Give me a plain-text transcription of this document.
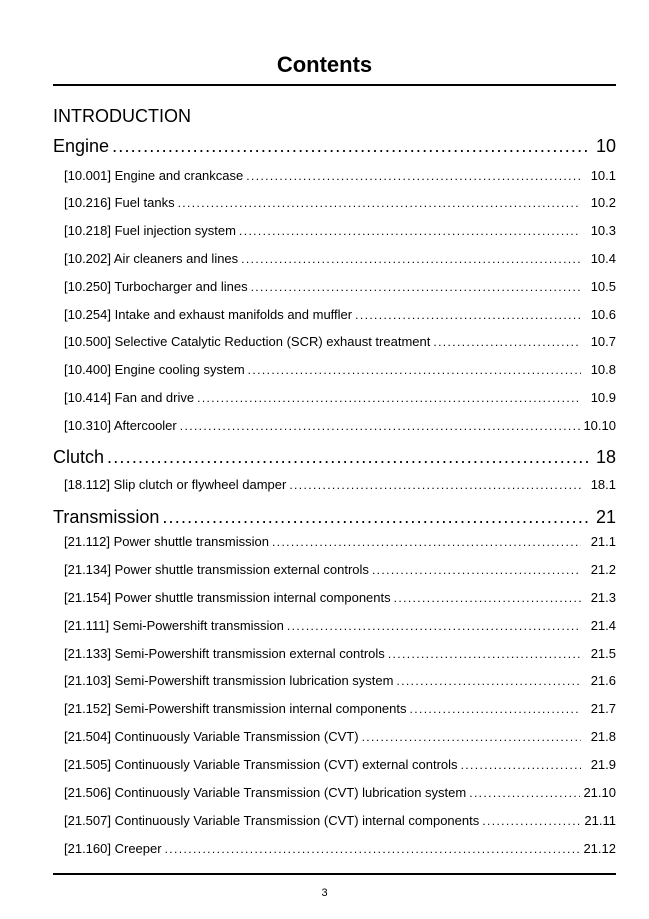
Contents
INTRODUCTION
Engine .....	10
[10.001] Engine and crankcase .....	10.1
[10.216] Fuel tanks .....	10.2
[10.218] Fuel injection system .....	10.3
[10.202] Air cleaners and lines .....	10.4
[10.250] Turbocharger and lines .....	10.5
[10.254] Intake and exhaust manifolds and muffler .....	10.6
[10.500] Selective Catalytic Reduction (SCR) exhaust treatment .....	10.7
[10.400] Engine cooling system .....	10.8
[10.414] Fan and drive .....	10.9
[10.310] Aftercooler .....	10.10
Clutch .....	18
[18.112] Slip clutch or flywheel damper .....	18.1
Transmission .....	21
[21.112] Power shuttle transmission .....	21.1
[21.134] Power shuttle transmission external controls .....	21.2
[21.154] Power shuttle transmission internal components .....	21.3
[21.111] Semi-Powershift transmission .....	21.4
[21.133] Semi-Powershift transmission external controls .....	21.5
[21.103] Semi-Powershift transmission lubrication system .....	21.6
[21.152] Semi-Powershift transmission internal components .....	21.7
[21.504] Continuously Variable Transmission (CVT) .....	21.8
[21.505] Continuously Variable Transmission (CVT) external controls .....	21.9
[21.506] Continuously Variable Transmission (CVT) lubrication system .....	21.10
[21.507] Continuously Variable Transmission (CVT) internal components .....	21.11
[21.160] Creeper .....	21.12
3
